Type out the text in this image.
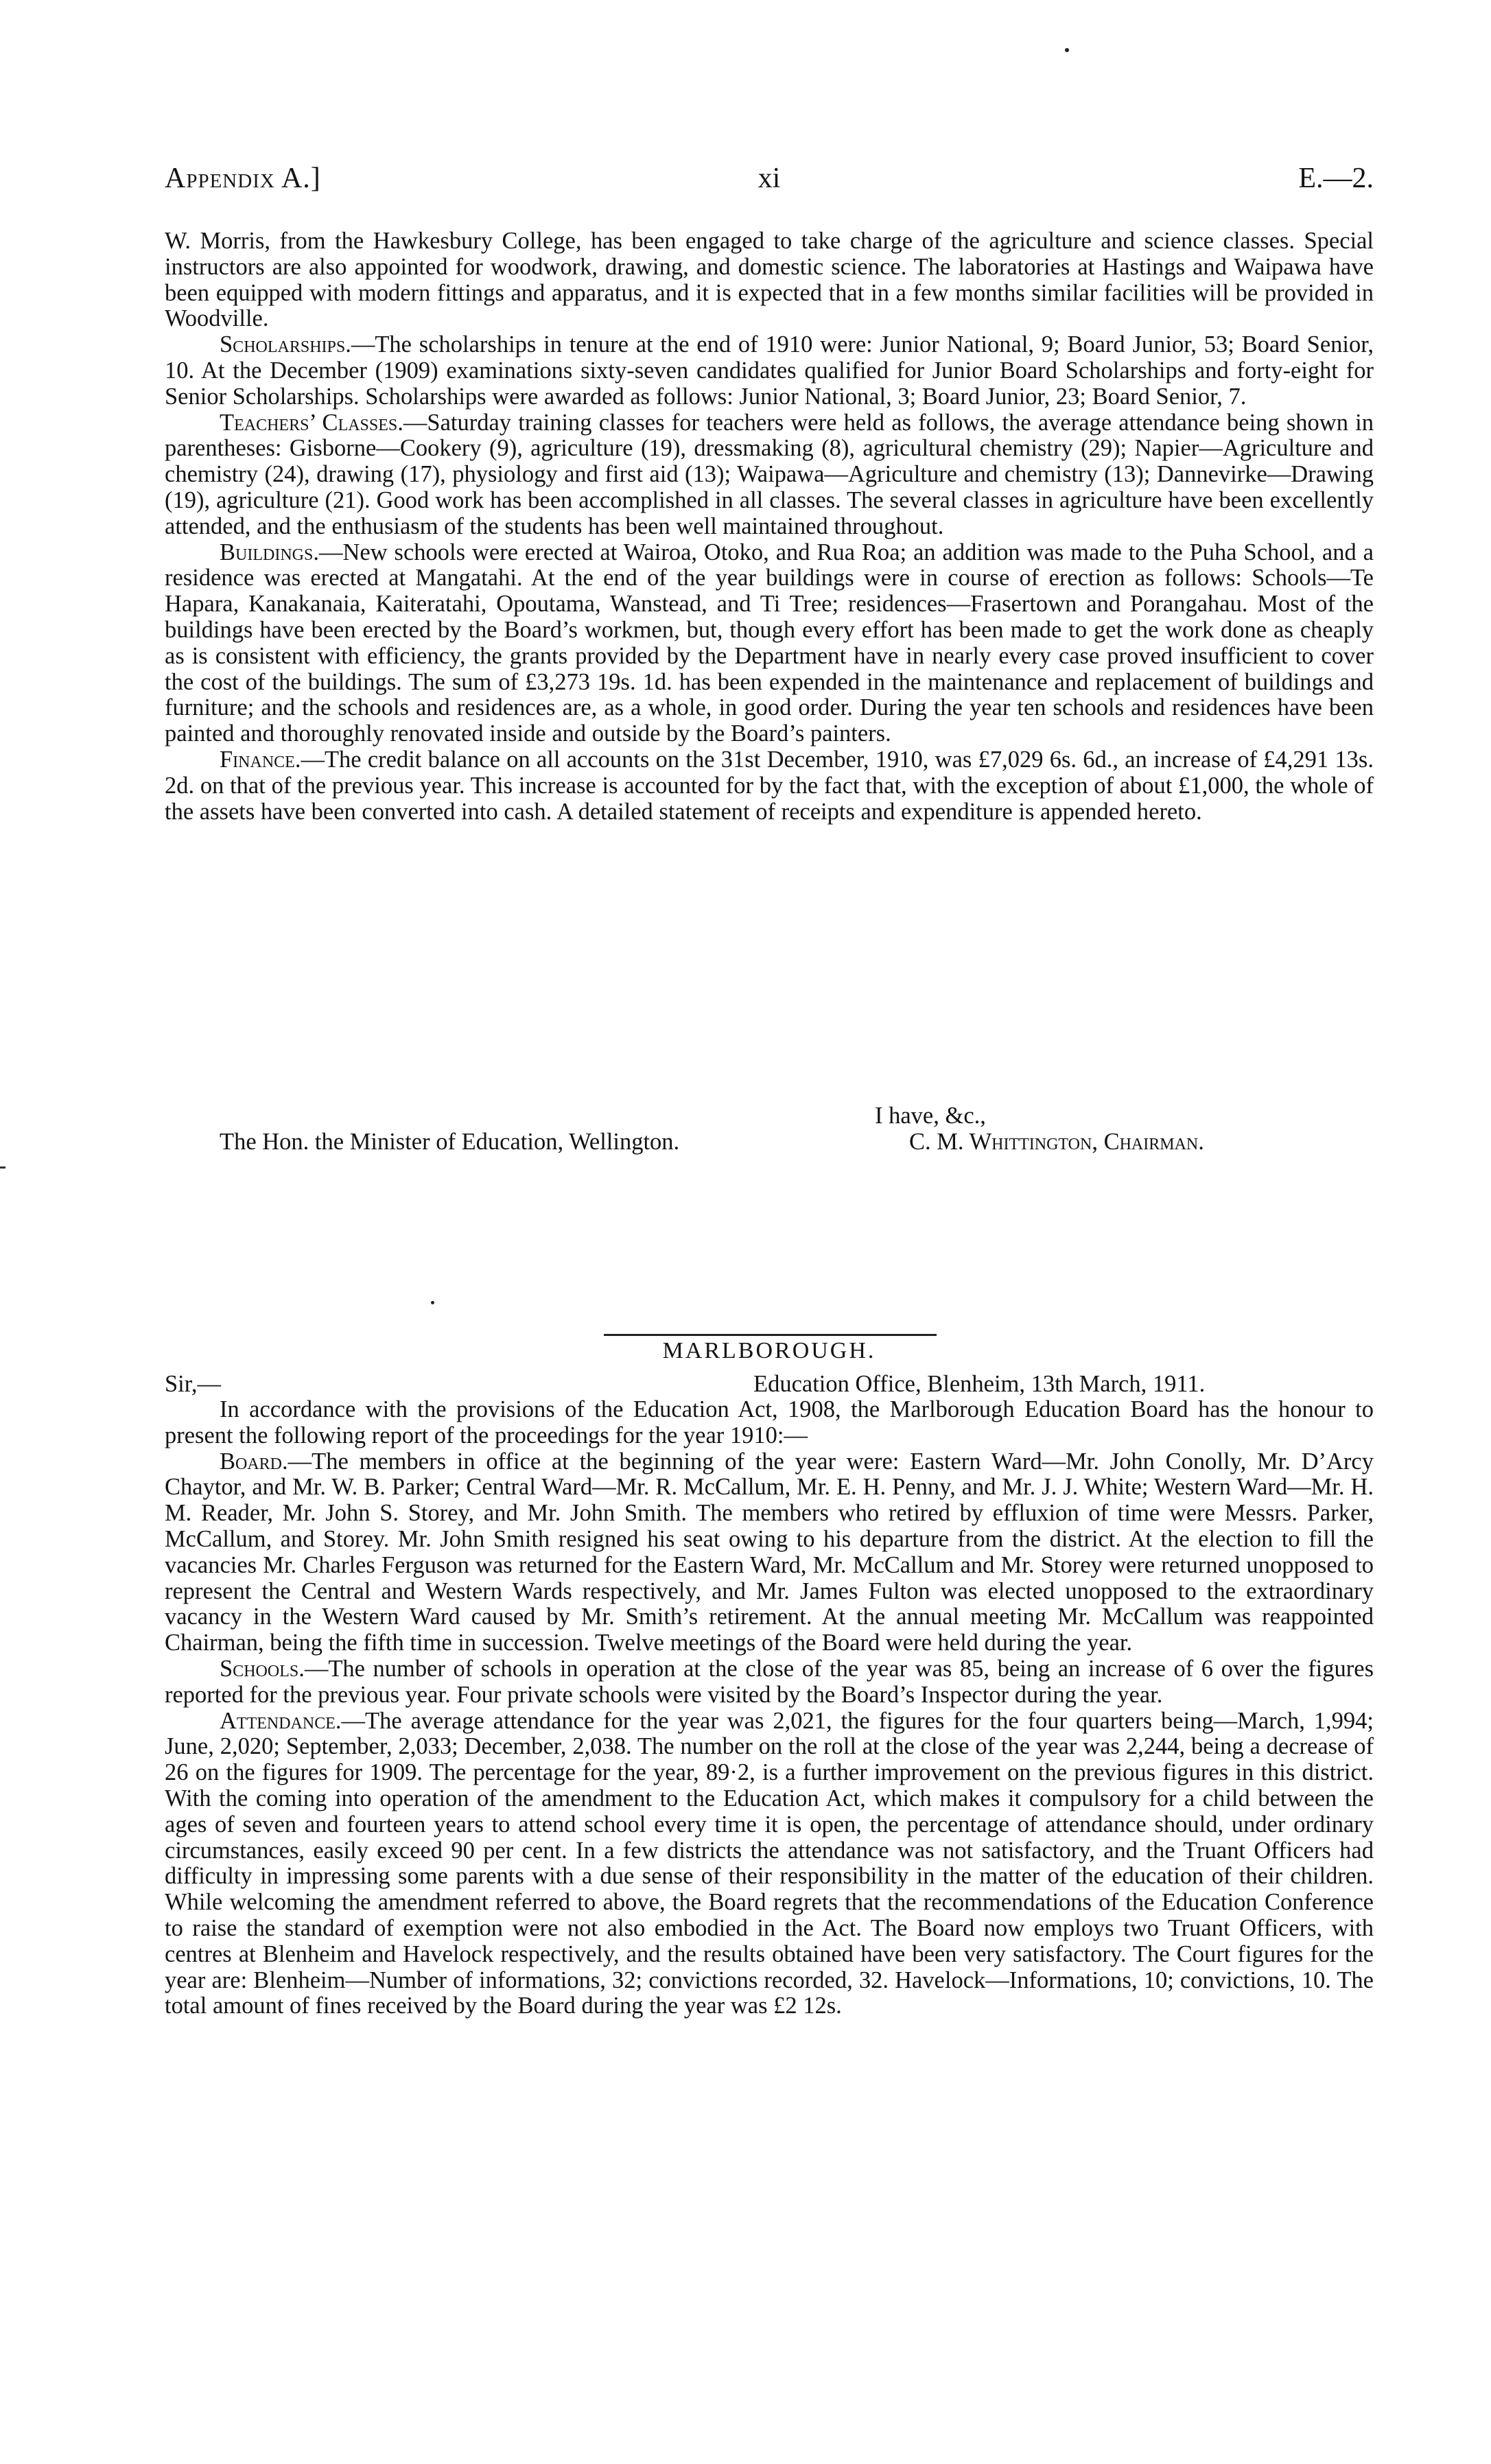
Appendix A.]	xi	E.—2.

W. Morris, from the Hawkesbury College, has been engaged to take charge of the agriculture and science classes. Special instructors are also appointed for woodwork, drawing, and domestic science. The laboratories at Hastings and Waipawa have been equipped with modern fittings and apparatus, and it is expected that in a few months similar facilities will be provided in Woodville.

Scholarships.—The scholarships in tenure at the end of 1910 were: Junior National, 9; Board Junior, 53; Board Senior, 10. At the December (1909) examinations sixty-seven candidates qualified for Junior Board Scholarships and forty-eight for Senior Scholarships. Scholarships were awarded as follows: Junior National, 3; Board Junior, 23; Board Senior, 7.

Teachers’ Classes.—Saturday training classes for teachers were held as follows, the average attendance being shown in parentheses: Gisborne—Cookery (9), agriculture (19), dressmaking (8), agricultural chemistry (29); Napier—Agriculture and chemistry (24), drawing (17), physiology and first aid (13); Waipawa—Agriculture and chemistry (13); Dannevirke—Drawing (19), agriculture (21). Good work has been accomplished in all classes. The several classes in agriculture have been excellently attended, and the enthusiasm of the students has been well maintained throughout.

Buildings.—New schools were erected at Wairoa, Otoko, and Rua Roa; an addition was made to the Puha School, and a residence was erected at Mangatahi. At the end of the year buildings were in course of erection as follows: Schools—Te Hapara, Kanakanaia, Kaiteratahi, Opoutama, Wanstead, and Ti Tree; residences—Frasertown and Porangahau. Most of the buildings have been erected by the Board’s workmen, but, though every effort has been made to get the work done as cheaply as is consistent with efficiency, the grants provided by the Department have in nearly every case proved insufficient to cover the cost of the buildings. The sum of £3,273 19s. 1d. has been expended in the maintenance and replacement of buildings and furniture; and the schools and residences are, as a whole, in good order. During the year ten schools and residences have been painted and thoroughly renovated inside and outside by the Board’s painters.

Finance.—The credit balance on all accounts on the 31st December, 1910, was £7,029 6s. 6d., an increase of £4,291 13s. 2d. on that of the previous year. This increase is accounted for by the fact that, with the exception of about £1,000, the whole of the assets have been converted into cash. A detailed statement of receipts and expenditure is appended hereto.

I have, &c.,
The Hon. the Minister of Education, Wellington.	C. M. Whittington, Chairman.
MARLBOROUGH.
Sir,—	Education Office, Blenheim, 13th March, 1911.

In accordance with the provisions of the Education Act, 1908, the Marlborough Education Board has the honour to present the following report of the proceedings for the year 1910:—

Board.—The members in office at the beginning of the year were: Eastern Ward—Mr. John Conolly, Mr. D’Arcy Chaytor, and Mr. W. B. Parker; Central Ward—Mr. R. McCallum, Mr. E. H. Penny, and Mr. J. J. White; Western Ward—Mr. H. M. Reader, Mr. John S. Storey, and Mr. John Smith. The members who retired by effluxion of time were Messrs. Parker, McCallum, and Storey. Mr. John Smith resigned his seat owing to his departure from the district. At the election to fill the vacancies Mr. Charles Ferguson was returned for the Eastern Ward, Mr. McCallum and Mr. Storey were returned unopposed to represent the Central and Western Wards respectively, and Mr. James Fulton was elected unopposed to the extraordinary vacancy in the Western Ward caused by Mr. Smith’s retirement. At the annual meeting Mr. McCallum was reappointed Chairman, being the fifth time in succession. Twelve meetings of the Board were held during the year.

Schools.—The number of schools in operation at the close of the year was 85, being an increase of 6 over the figures reported for the previous year. Four private schools were visited by the Board’s Inspector during the year.

Attendance.—The average attendance for the year was 2,021, the figures for the four quarters being—March, 1,994; June, 2,020; September, 2,033; December, 2,038. The number on the roll at the close of the year was 2,244, being a decrease of 26 on the figures for 1909. The percentage for the year, 89·2, is a further improvement on the previous figures in this district. With the coming into operation of the amendment to the Education Act, which makes it compulsory for a child between the ages of seven and fourteen years to attend school every time it is open, the percentage of attendance should, under ordinary circumstances, easily exceed 90 per cent. In a few districts the attendance was not satisfactory, and the Truant Officers had difficulty in impressing some parents with a due sense of their responsibility in the matter of the education of their children. While welcoming the amendment referred to above, the Board regrets that the recommendations of the Education Conference to raise the standard of exemption were not also embodied in the Act. The Board now employs two Truant Officers, with centres at Blenheim and Havelock respectively, and the results obtained have been very satisfactory. The Court figures for the year are: Blenheim—Number of informations, 32; convictions recorded, 32. Havelock—Informations, 10; convictions, 10. The total amount of fines received by the Board during the year was £2 12s.
